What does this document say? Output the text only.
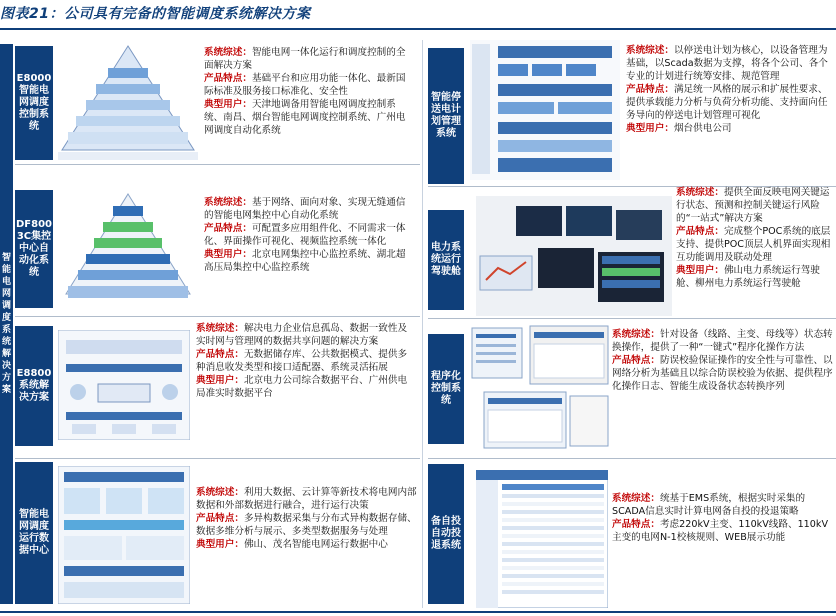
图表21：公司具有完备的智能调度系统解决方案
智能电网调度系统解决方案
E8000智能电网调度控制系统
系统综述：智能电网一体化运行和调度控制的全面解决方案
产品特点：基础平台和应用功能一体化、最新国际标准及服务接口标准化、安全性
典型用户：天津地调备用智能电网调度控制系统、南昌、烟台智能电网调度控制系统、广州电网调度自动化系统
DF8003C集控中心自动化系统
系统综述：基于网络、面向对象、实现无缝通信的智能电网集控中心自动化系统
产品特点：可配置多应用组件化、不同需求一体化、界面操作可视化、视频监控系统一体化
典型用户：北京电网集控中心监控系统、湖北超高压局集控中心监控系统
E8800系统解决方案
系统综述：解决电力企业信息孤岛、数据一致性及实时网与管理网的数据共享问题的解决方案
产品特点：无数据储存库、公共数据模式、提供多种消息收发类型和接口适配器、系统灵活拓展
典型用户：北京电力公司综合数据平台、广州供电局准实时数据平台
智能电网调度运行数据中心
系统综述：利用大数据、云计算等新技术将电网内部数据和外部数据进行融合，进行运行决策
产品特点：多异构数据采集与分布式异构数据存储、数据多维分析与展示、多类型数据服务与处理
典型用户：佛山、茂名智能电网运行数据中心
智能停送电计划管理系统
系统综述：以停送电计划为核心，以设备管理为基础，以Scada数据为支撑，将各个公司、各个专业的计划进行统筹安排、规范管理
产品特点：满足统一风格的展示和扩展性要求、提供承载能力分析与负荷分析功能、支持面向任务导向的停送电计划管理可视化
典型用户：烟台供电公司
电力系统运行驾驶舱
系统综述：提供全面反映电网关键运行状态、预测和控制关键运行风险的“一站式”解决方案
产品特点：完成整个POC系统的底层支持、提供POC顶层人机界面实现相互功能调用及联动处理
典型用户：佛山电力系统运行驾驶舱、柳州电力系统运行驾驶舱
程序化控制系统
系统综述：针对设备（线路、主变、母线等）状态转换操作，提供了一种“一键式”程序化操作方法
产品特点：防误校验保证操作的安全性与可靠性、以网络分析为基础且以综合防误校验为依据、提供程序化操作日志、智能生成设备状态转换序列
备自投自动投退系统
系统综述：统基于EMS系统，根据实时采集的SCADA信息实时计算电网备自投的投退策略
产品特点：考虑220kV主变、110kV线路、110kV主变的电网N-1校核规则、WEB展示功能
